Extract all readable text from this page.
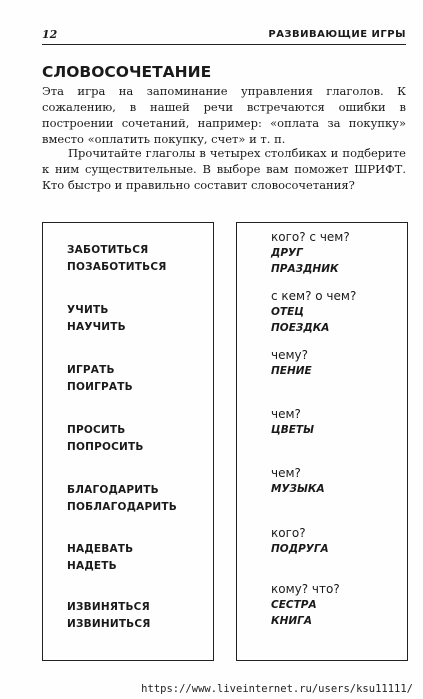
12	РАЗВИВАЮЩИЕ ИГРЫ
СЛОВОСОЧЕТАНИЕ

Эта игра на запоминание управления глаголов. К сожалению, в нашей речи встречаются ошибки в построении сочетаний, например: «оплата за покупку» вместо «оплатить покупку, счет» и т. п.

Прочитайте глаголы в четырех столбиках и подберите к ним существительные. В выборе вам поможет ШРИФТ. Кто быстро и правильно составит словосочетания?

ЗАБОТИТЬСЯ
ПОЗАБОТИТЬСЯ
УЧИТЬ
НАУЧИТЬ
ИГРАТЬ
ПОИГРАТЬ
ПРОСИТЬ
ПОПРОСИТЬ
БЛАГОДАРИТЬ
ПОБЛАГОДАРИТЬ
НАДЕВАТЬ
НАДЕТЬ
ИЗВИНЯТЬСЯ
ИЗВИНИТЬСЯ
кого? с чем?
ДРУГ
ПРАЗДНИК
с кем? о чем?
ОТЕЦ
ПОЕЗДКА
чему?
ПЕНИЕ
чем?
ЦВЕТЫ
чем?
МУЗЫКА
кого?
ПОДРУГА
кому? что?
СЕСТРА
КНИГА
https://www.liveinternet.ru/users/ksu11111/
